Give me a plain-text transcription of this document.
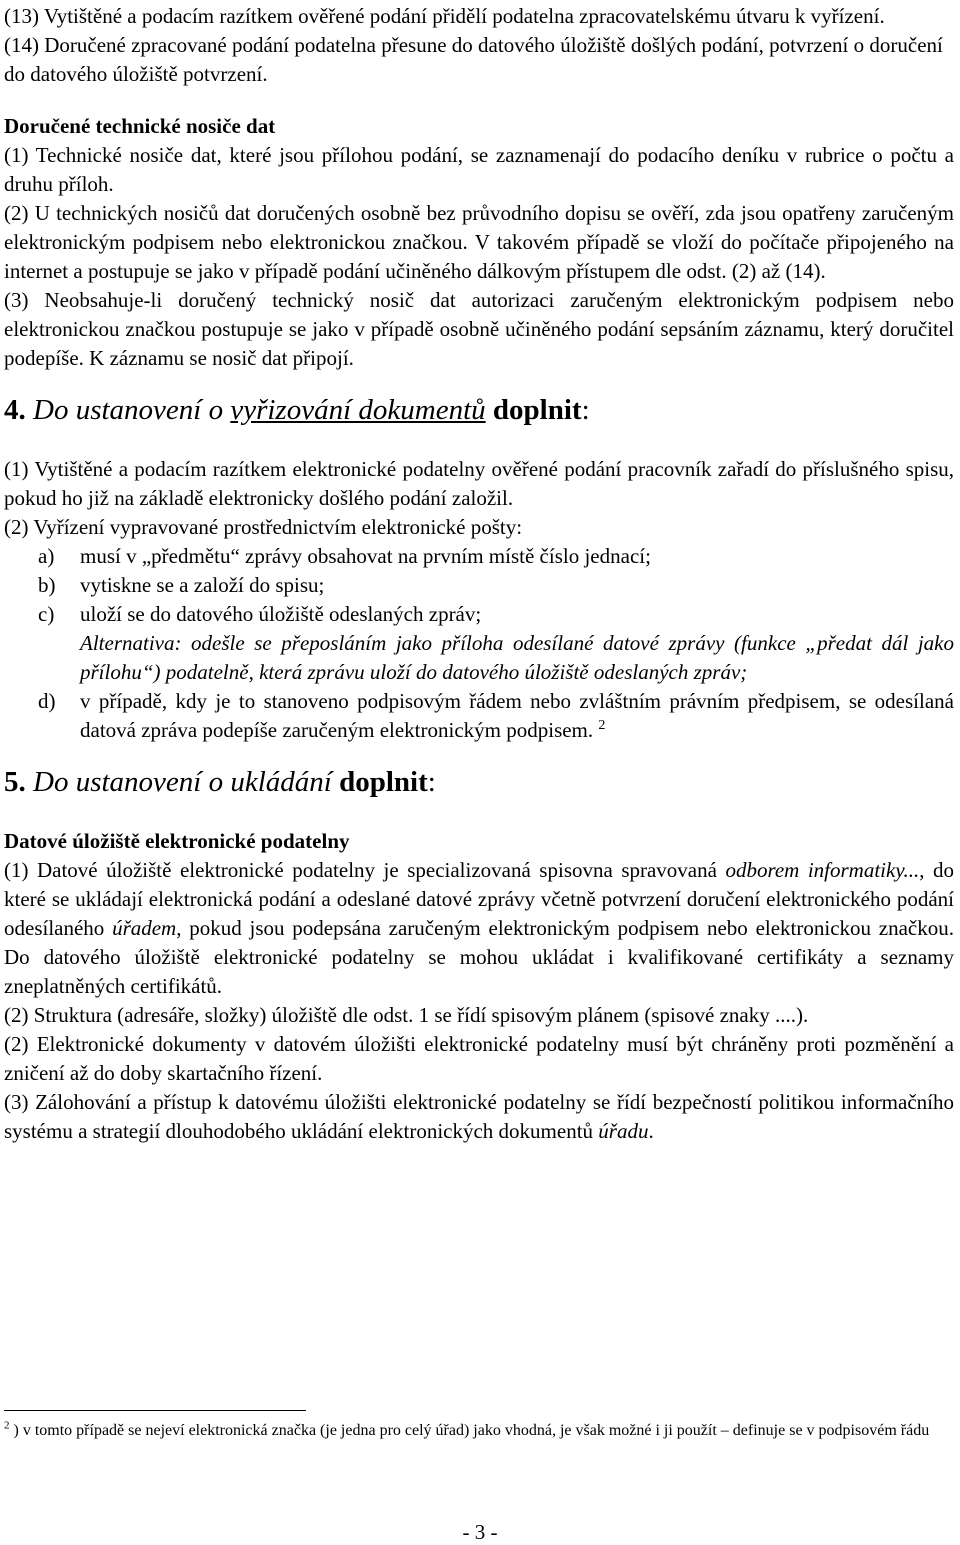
(13) Vytištěné a podacím razítkem ověřené podání přidělí podatelna zpracovatelskému útvaru k vyřízení.

(14) Doručené zpracované podání podatelna přesune do datového úložiště došlých podání, potvrzení o doručení do datového úložiště potvrzení.

Doručené technické nosiče dat

(1) Technické nosiče dat, které jsou přílohou podání, se zaznamenají do podacího deníku v rubrice o počtu a druhu příloh.

(2) U technických nosičů dat doručených osobně bez průvodního dopisu se ověří, zda jsou opatřeny zaručeným elektronickým podpisem nebo elektronickou značkou. V takovém případě se vloží do počítače připojeného na internet a postupuje se jako v případě podání učiněného dálkovým přístupem dle odst. (2) až (14).

(3) Neobsahuje-li doručený technický nosič dat autorizaci zaručeným elektronickým podpisem nebo elektronickou značkou postupuje se jako v případě osobně učiněného podání sepsáním záznamu, který doručitel podepíše. K záznamu se nosič dat připojí.

4. Do ustanovení o vyřizování dokumentů doplnit:

(1) Vytištěné a podacím razítkem elektronické podatelny ověřené podání pracovník zařadí do příslušného spisu, pokud ho již na základě elektronicky došlého podání založil.

(2) Vyřízení vypravované prostřednictvím elektronické pošty:

a) musí v „předmětu“ zprávy obsahovat na prvním místě číslo jednací;
b) vytiskne se a založí do spisu;
c) uloží se do datového úložiště odeslaných zpráv;
Alternativa: odešle se přeposláním jako příloha odesílané datové zprávy (funkce „předat dál jako přílohu“) podatelně, která zprávu uloží do datového úložiště odeslaných zpráv;
d) v případě, kdy je to stanoveno podpisovým řádem nebo zvláštním právním předpisem, se odesílaná datová zpráva podepíše zaručeným elektronickým podpisem. $^2$
5. Do ustanovení o ukládání doplnit:

Datové úložiště elektronické podatelny

(1) Datové úložiště elektronické podatelny je specializovaná spisovna spravovaná odborem informatiky..., do které se ukládají elektronická podání a odeslané datové zprávy včetně potvrzení doručení elektronického podání odesílaného úřadem, pokud jsou podepsána zaručeným elektronickým podpisem nebo elektronickou značkou. Do datového úložiště elektronické podatelny se mohou ukládat i kvalifikované certifikáty a seznamy zneplatněných certifikátů.

(2) Struktura (adresáře, složky) úložiště dle odst. 1 se řídí spisovým plánem (spisové znaky ....).

(2) Elektronické dokumenty v datovém úložišti elektronické podatelny musí být chráněny proti pozměnění a zničení až do doby skartačního řízení.

(3) Zálohování a přístup k datovému úložišti elektronické podatelny se řídí bezpečností politikou informačního systému a strategií dlouhodobého ukládání elektronických dokumentů úřadu.

$^2$ ) v tomto případě se nejeví elektronická značka (je jedna pro celý úřad) jako vhodná, je však možné i ji použít – definuje se v podpisovém řádu
- 3 -
